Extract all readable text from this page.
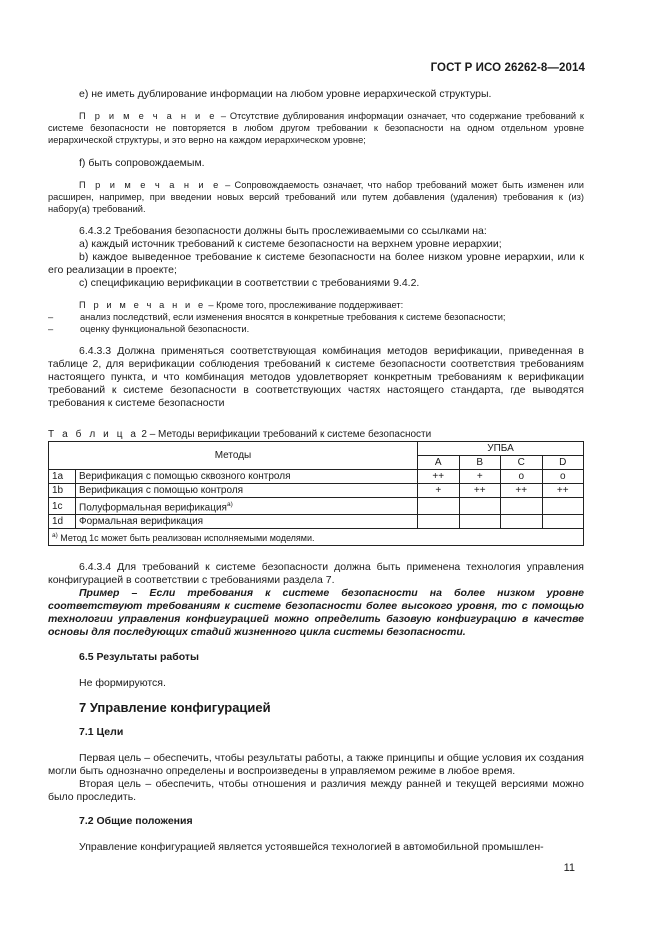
ГОСТ Р ИСО 26262-8—2014

e) не иметь дублирование информации на любом уровне иерархической структуры.

П р и м е ч а н и е – Отсутствие дублирования информации означает, что содержание требований к системе безопасности не повторяется в любом другом требовании к безопасности на одном отдельном уровне иерархической структуры, и это верно на каждом иерархическом уровне;

f) быть сопровождаемым.

П р и м е ч а н и е – Сопровождаемость означает, что набор требований может быть изменен или расширен, например, при введении новых версий требований или путем добавления (удаления) требования к (из) набору(а) требований.

6.4.3.2 Требования безопасности должны быть прослеживаемыми со ссылками на:

а) каждый источник требований к системе безопасности на верхнем уровне иерархии;

b) каждое выведенное требование к системе безопасности на более низком уровне иерархии, или к его реализации в проекте;

с) спецификацию верификации в соответствии с требованиями 9.4.2.

П р и м е ч а н и е – Кроме того, прослеживание поддерживает:

–	анализ последствий, если изменения вносятся в конкретные требования к системе безопасности;
–	оценку функциональной безопасности.

6.4.3.3 Должна применяться соответствующая комбинация методов верификации, приведенная в таблице 2, для верификации соблюдения требований к системе безопасности соответствия требованиям настоящего пункта, и что комбинация методов удовлетворяет конкретным требованиям к верификации требований к системе безопасности в соответствующих частях настоящего стандарта, где выводятся требования к системе безопасности

Т а б л и ц а 2 – Методы верификации требований к системе безопасности
Методы		УПБА			
		A	B	C	D
1a	Верификация с помощью сквозного контроля	++	+	o	o
1b	Верификация с помощью контроля	+	++	++	++
1c	Полуформальная верификация$^{a)}$				
1d	Формальная верификация				
$^{a)}$ Метод 1c может быть реализован исполняемыми моделями.					

6.4.3.4 Для требований к системе безопасности должна быть применена технология управления конфигурацией в соответствии с требованиями раздела 7.

Пример – Если требования к системе безопасности на более низком уровне соответствуют требованиям к системе безопасности более высокого уровня, то с помощью технологии управления конфигурацией можно определить базовую конфигурацию в качестве основы для последующих стадий жизненного цикла системы безопасности.

6.5 Результаты работы

Не формируются.

7 Управление конфигурацией
7.1 Цели

Первая цель – обеспечить, чтобы результаты работы, а также принципы и общие условия их создания могли быть однозначно определены и воспроизведены в управляемом режиме в любое время.

Вторая цель – обеспечить, чтобы отношения и различия между ранней и текущей версиями можно было проследить.

7.2 Общие положения

Управление конфигурацией является устоявшейся технологией в автомобильной промышлен-

11
